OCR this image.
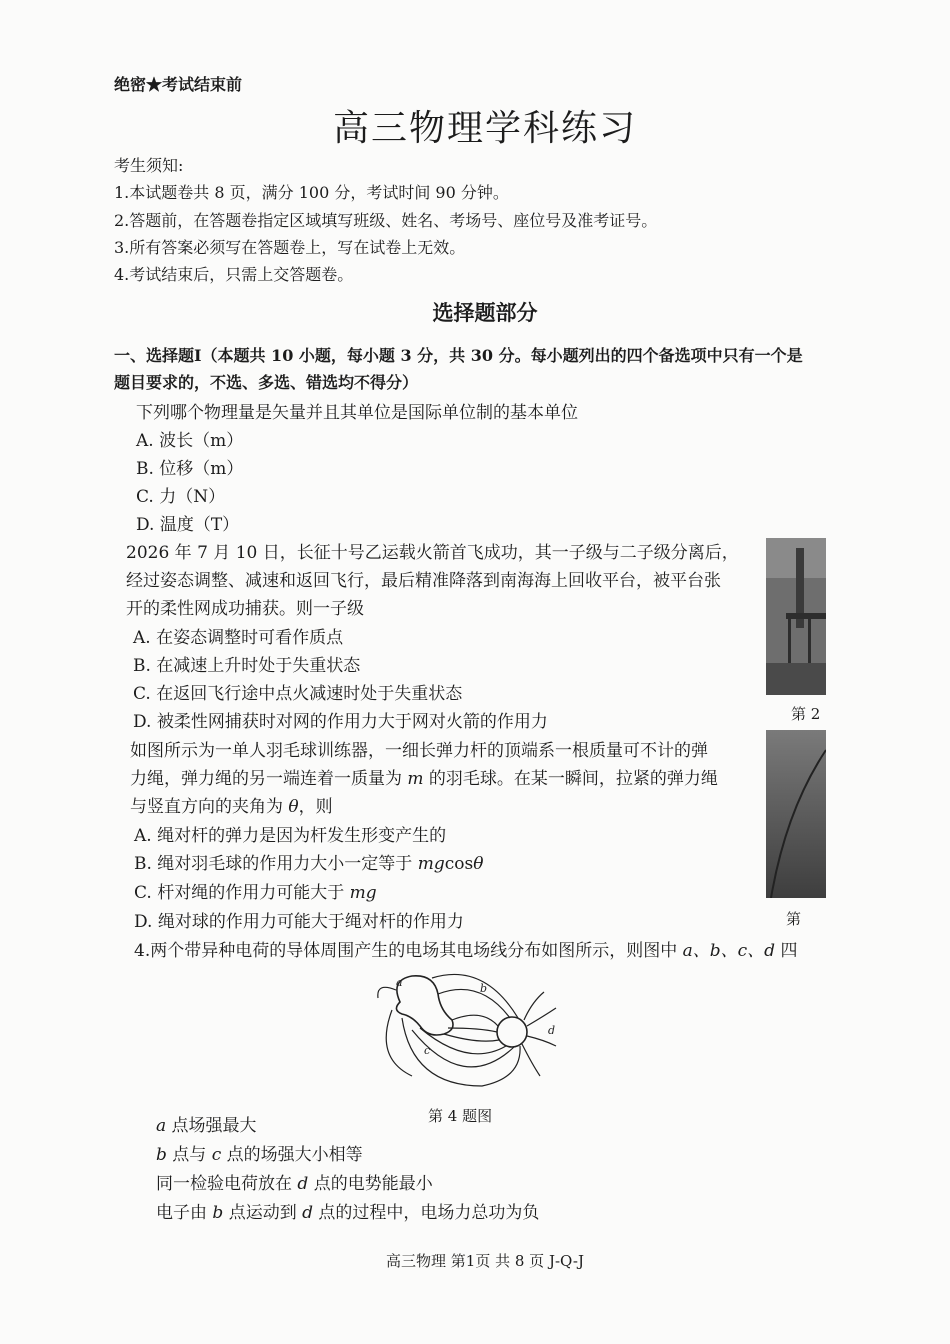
绝密★考试结束前
高三物理学科练习
考生须知:
1.本试题卷共 8 页，满分 100 分，考试时间 90 分钟。
2.答题前，在答题卷指定区域填写班级、姓名、考场号、座位号及准考证号。
3.所有答案必须写在答题卷上，写在试卷上无效。
4.考试结束后，只需上交答题卷。
选择题部分
一、选择题I（本题共 10 小题，每小题 3 分，共 30 分。每小题列出的四个备选项中只有一个是
题目要求的，不选、多选、错选均不得分）
下列哪个物理量是矢量并且其单位是国际单位制的基本单位
A. 波长（m）
B. 位移（m）
C. 力（N）
D. 温度（T）
2026 年 7 月 10 日，长征十号乙运载火箭首飞成功，其一子级与二子级分离后，
经过姿态调整、减速和返回飞行，最后精准降落到南海海上回收平台，被平台张
开的柔性网成功捕获。则一子级
A. 在姿态调整时可看作质点
B. 在减速上升时处于失重状态
C. 在返回飞行途中点火减速时处于失重状态
D. 被柔性网捕获时对网的作用力大于网对火箭的作用力	第 2
如图所示为一单人羽毛球训练器，一细长弹力杆的顶端系一根质量可不计的弹
力绳，弹力绳的另一端连着一质量为 m 的羽毛球。在某一瞬间，拉紧的弹力绳
与竖直方向的夹角为 θ，则
A. 绳对杆的弹力是因为杆发生形变产生的
B. 绳对羽毛球的作用力大小一定等于 mgcosθ
C. 杆对绳的作用力可能大于 mg
D. 绳对球的作用力可能大于绳对杆的作用力	第
4.两个带异种电荷的导体周围产生的电场其电场线分布如图所示，则图中 a、b、c、d 四
a	b
c
d
第 4 题图
a 点场强最大
b 点与 c 点的场强大小相等
同一检验电荷放在 d 点的电势能最小
电子由 b 点运动到 d 点的过程中，电场力总功为负
高三物理 第1页 共 8 页 J-Q-J
